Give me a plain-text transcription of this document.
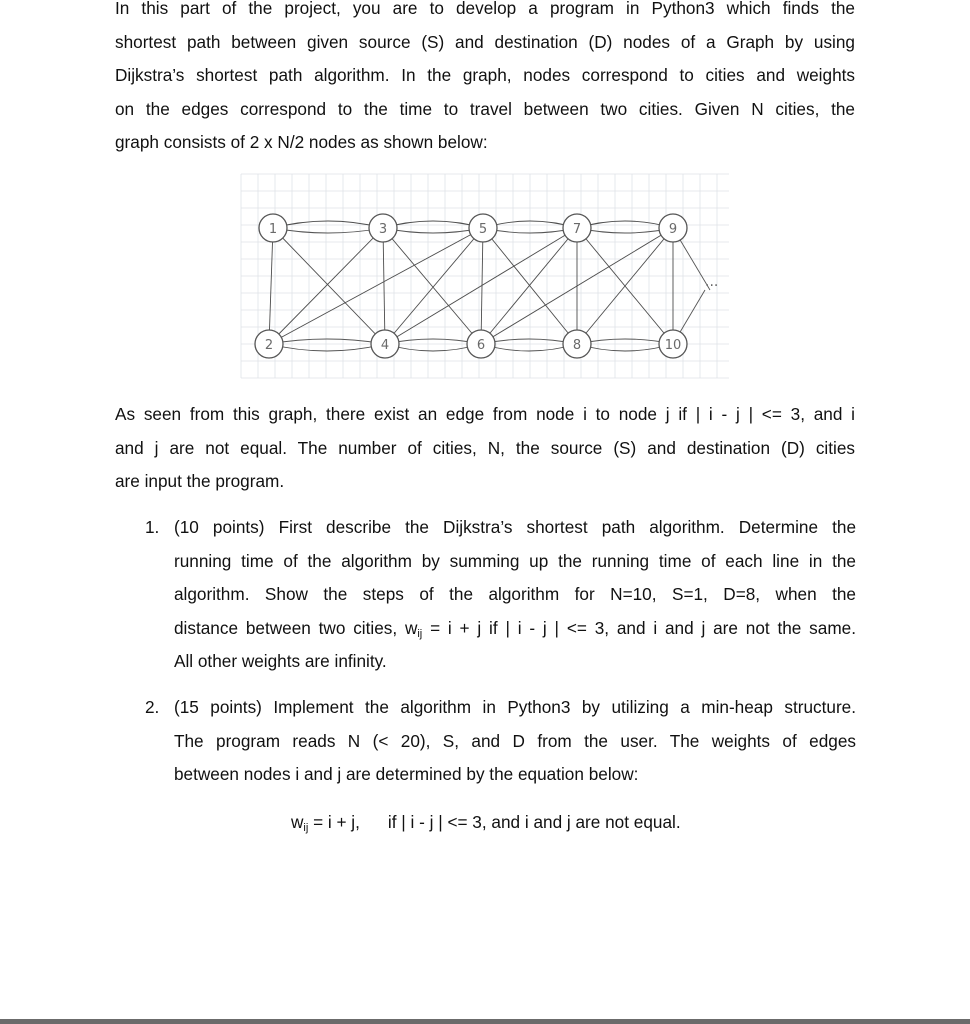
In this part of the project, you are to develop a program in Python3 which finds the
shortest path between given source (S) and destination (D) nodes of a Graph by using
Dijkstra’s shortest path algorithm. In the graph, nodes correspond to cities and weights
on the edges correspond to the time to travel between two cities. Given N cities, the
graph consists of 2 x N/2 nodes as shown below:

1	3	5	7	9
2	4	6	8	10
...

As seen from this graph, there exist an edge from node i to node j if | i - j | <= 3, and i
and j are not equal. The number of cities, N, the source (S) and destination (D) cities
are input the program.

1. (10 points) First describe the Dijkstra’s shortest path algorithm. Determine the
running time of the algorithm by summing up the running time of each line in the
algorithm. Show the steps of the algorithm for N=10, S=1, D=8, when the
distance between two cities, $w_{ij} = i + j$ if | i - j | <= 3, and i and j are not the same.
All other weights are infinity.
2. (15 points) Implement the algorithm in Python3 by utilizing a min-heap structure.
The program reads N (< 20), S, and D from the user. The weights of edges
between nodes i and j are determined by the equation below:
$w_{ij} = i + j$, if | i - j | <= 3, and i and j are not equal.
